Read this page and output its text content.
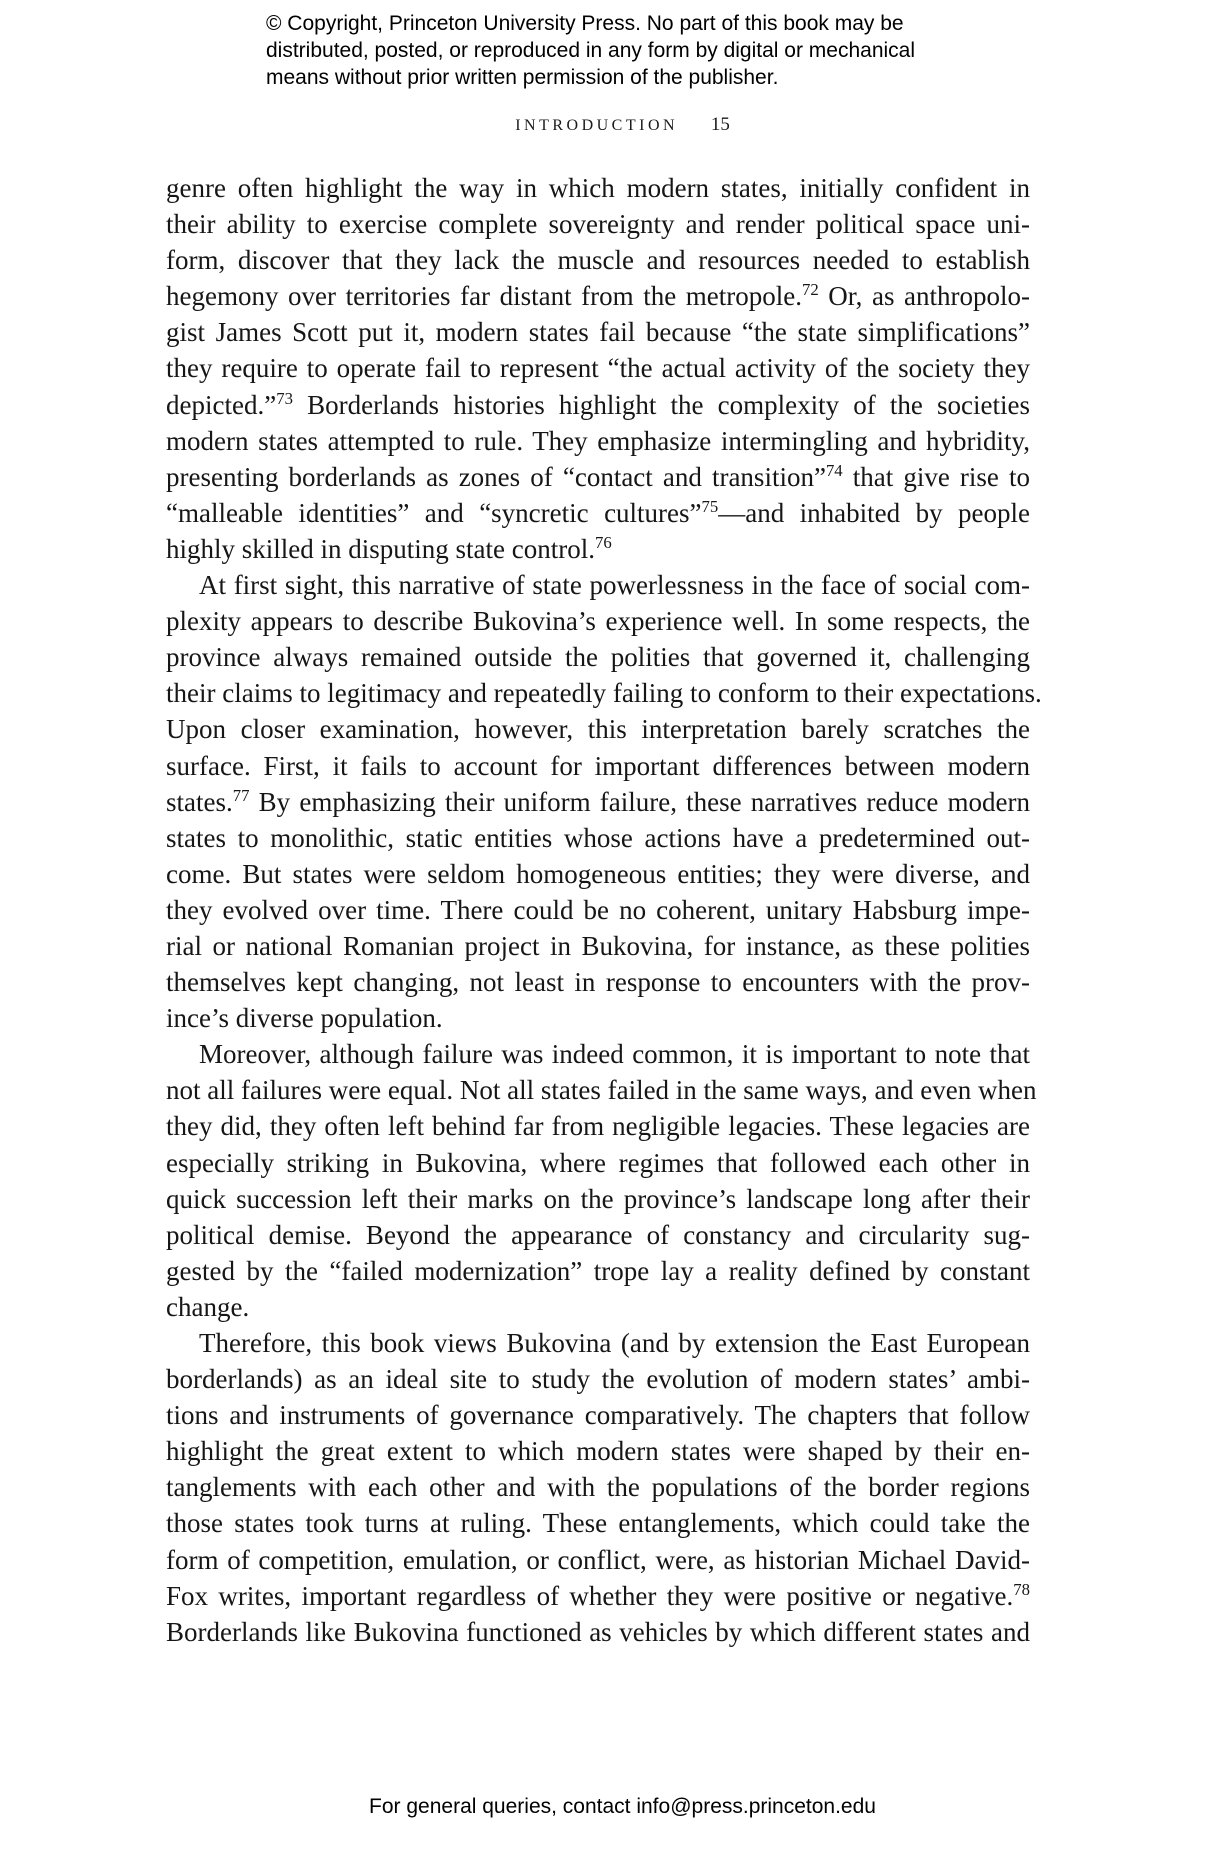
© Copyright, Princeton University Press. No part of this book may be
distributed, posted, or reproduced in any form by digital or mechanical
means without prior written permission of the publisher.
INTRODUCTION 15
genre often highlight the way in which modern states, initially confident in
their ability to exercise complete sovereignty and render political space uni-
form, discover that they lack the muscle and resources needed to establish
hegemony over territories far distant from the metropole.$^{72}$ Or, as anthropolo-
gist James Scott put it, modern states fail because “the state simplifications”
they require to operate fail to represent “the actual activity of the society they
depicted.”$^{73}$ Borderlands histories highlight the complexity of the societies
modern states attempted to rule. They emphasize intermingling and hybridity,
presenting borderlands as zones of “contact and transition”$^{74}$ that give rise to
“malleable identities” and “syncretic cultures”$^{75}$—and inhabited by people
highly skilled in disputing state control.$^{76}$
At first sight, this narrative of state powerlessness in the face of social com-
plexity appears to describe Bukovina’s experience well. In some respects, the
province always remained outside the polities that governed it, challenging
their claims to legitimacy and repeatedly failing to conform to their expectations.
Upon closer examination, however, this interpretation barely scratches the
surface. First, it fails to account for important differences between modern
states.$^{77}$ By emphasizing their uniform failure, these narratives reduce modern
states to monolithic, static entities whose actions have a predetermined out-
come. But states were seldom homogeneous entities; they were diverse, and
they evolved over time. There could be no coherent, unitary Habsburg impe-
rial or national Romanian project in Bukovina, for instance, as these polities
themselves kept changing, not least in response to encounters with the prov-
ince’s diverse population.
Moreover, although failure was indeed common, it is important to note that
not all failures were equal. Not all states failed in the same ways, and even when
they did, they often left behind far from negligible legacies. These legacies are
especially striking in Bukovina, where regimes that followed each other in
quick succession left their marks on the province’s landscape long after their
political demise. Beyond the appearance of constancy and circularity sug-
gested by the “failed modernization” trope lay a reality defined by constant
change.
Therefore, this book views Bukovina (and by extension the East European
borderlands) as an ideal site to study the evolution of modern states’ ambi-
tions and instruments of governance comparatively. The chapters that follow
highlight the great extent to which modern states were shaped by their en-
tanglements with each other and with the populations of the border regions
those states took turns at ruling. These entanglements, which could take the
form of competition, emulation, or conflict, were, as historian Michael David-
Fox writes, important regardless of whether they were positive or negative.$^{78}$
Borderlands like Bukovina functioned as vehicles by which different states and
For general queries, contact info@press.princeton.edu
